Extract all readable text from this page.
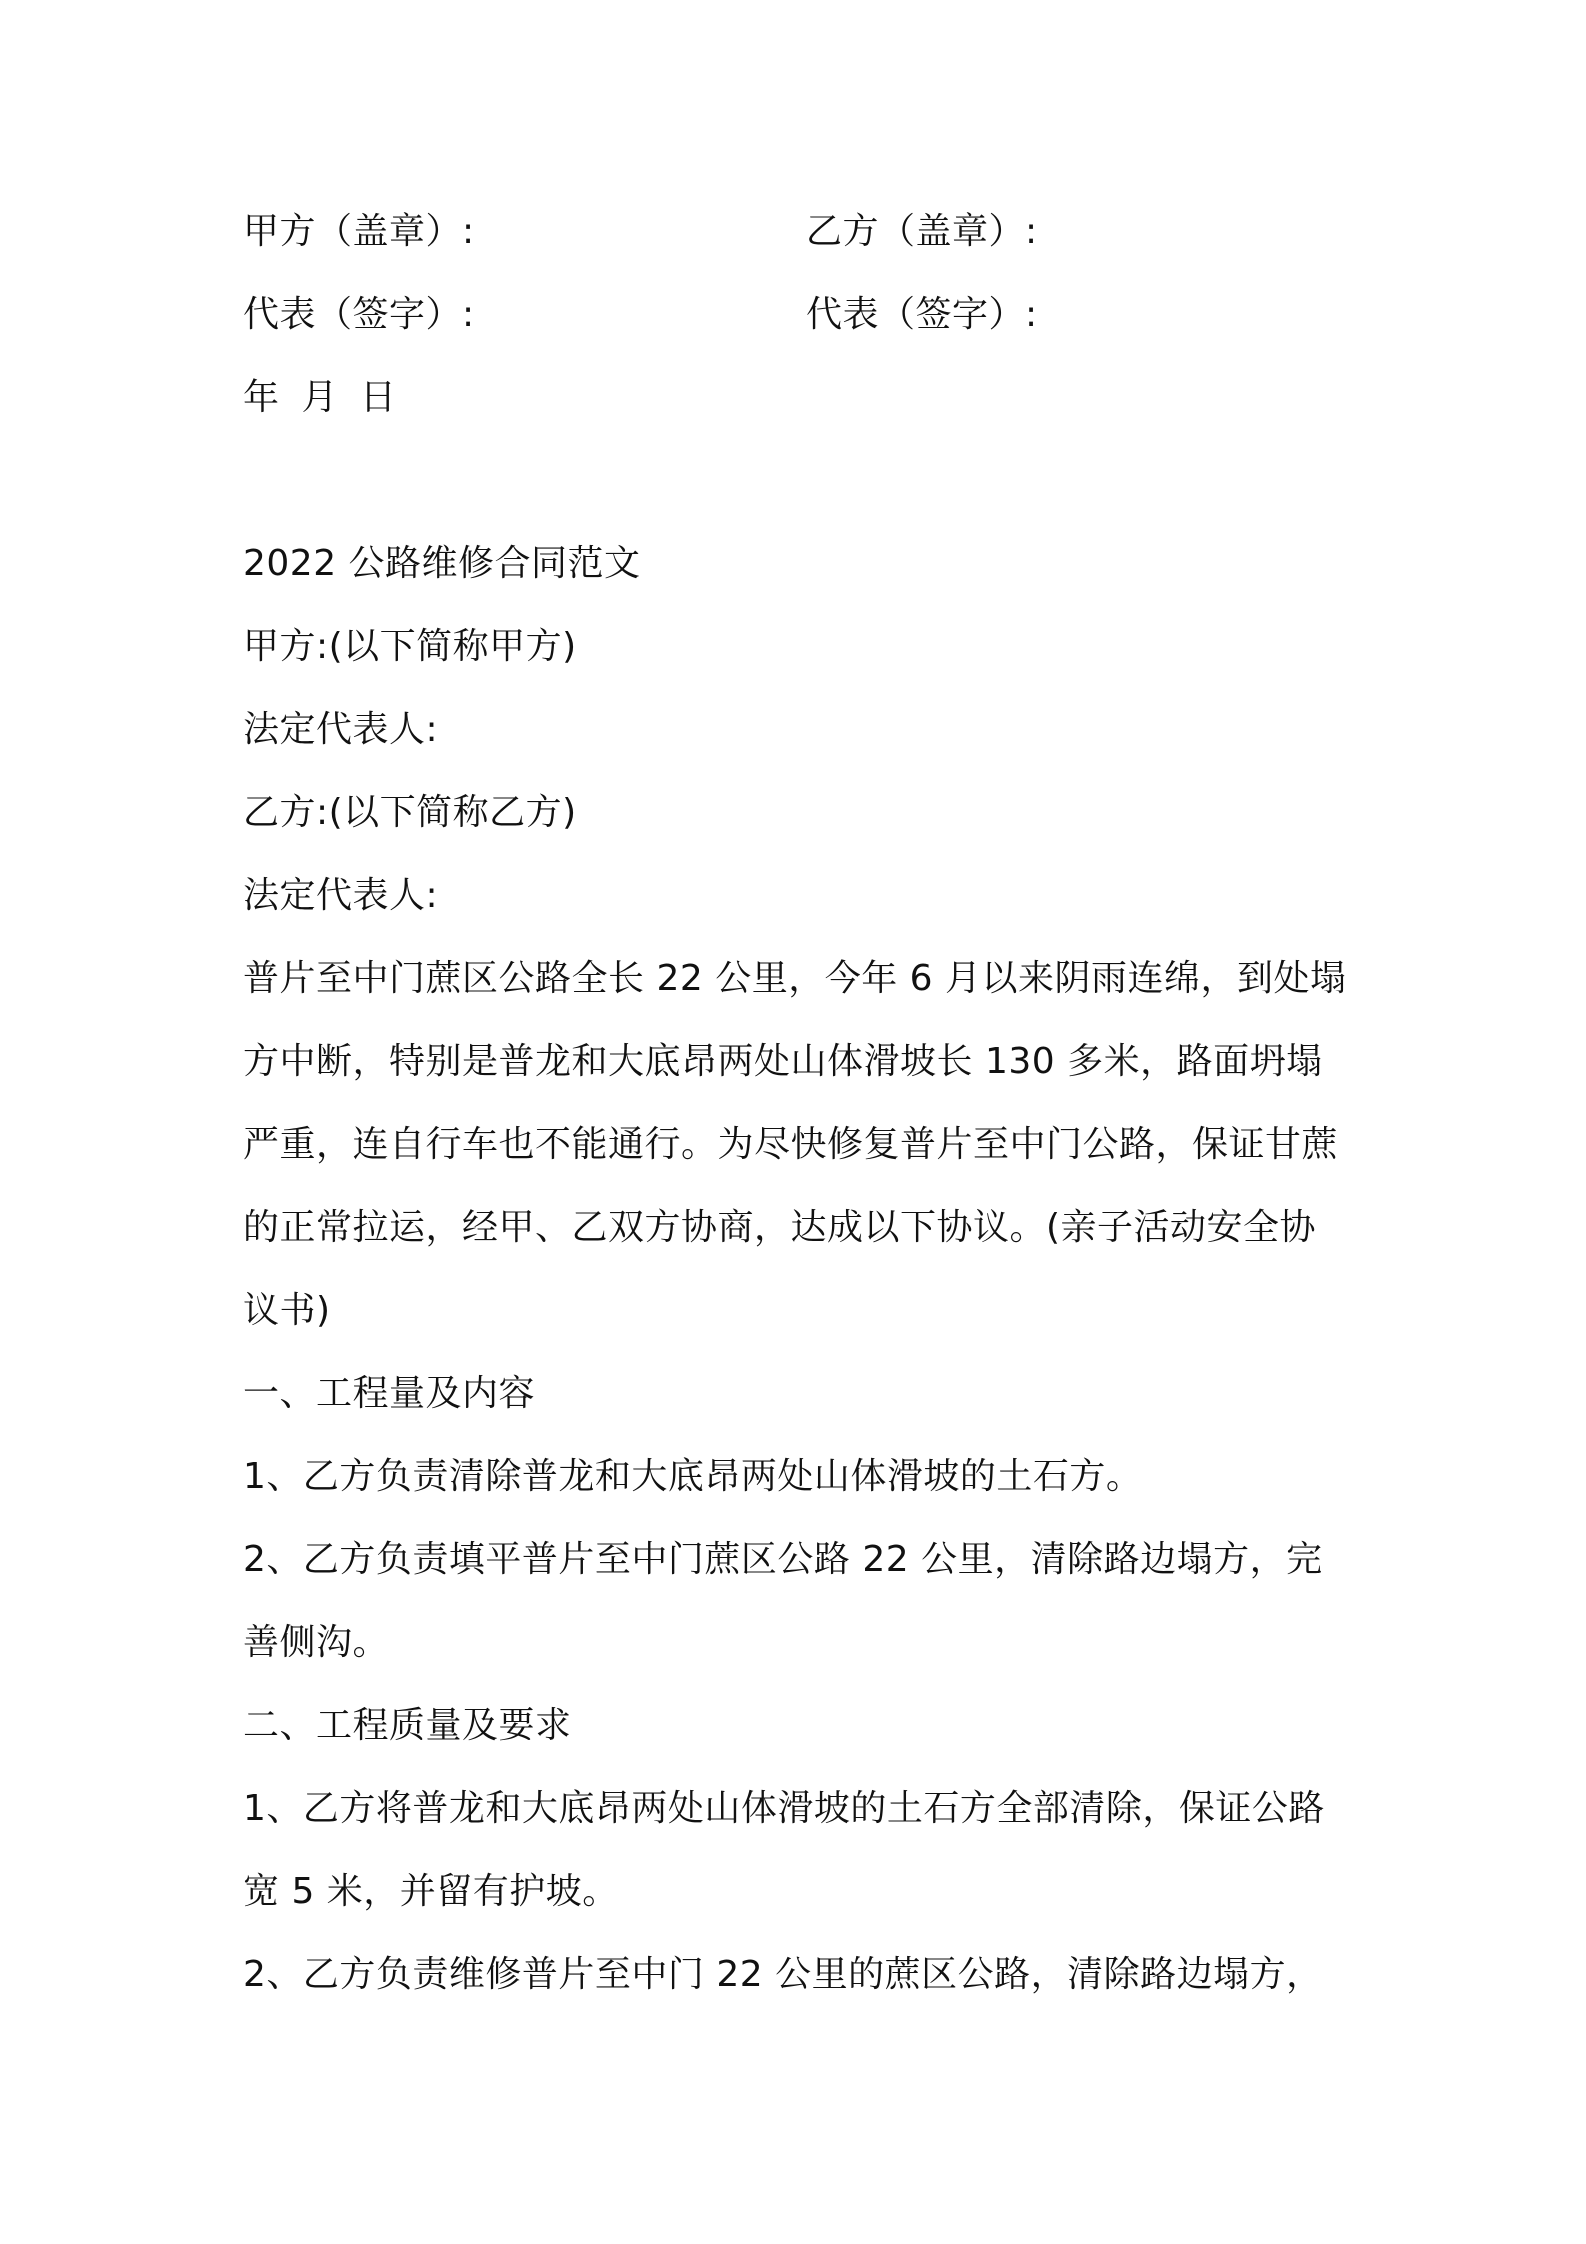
甲方（盖章）:	乙方（盖章）:
代表（签字）:	代表（签字）:
年 月 日
2022 公路维修合同范文
甲方:(以下简称甲方)
法定代表人:
乙方:(以下简称乙方)
法定代表人:
普片至中门蔗区公路全长 22 公里，今年 6 月以来阴雨连绵，到处塌
方中断，特别是普龙和大底昂两处山体滑坡长 130 多米，路面坍塌
严重，连自行车也不能通行。为尽快修复普片至中门公路，保证甘蔗
的正常拉运，经甲、乙双方协商，达成以下协议。(亲子活动安全协
议书)
一、工程量及内容
1、乙方负责清除普龙和大底昂两处山体滑坡的土石方。
2、乙方负责填平普片至中门蔗区公路 22 公里，清除路边塌方，完
善侧沟。
二、工程质量及要求
1、乙方将普龙和大底昂两处山体滑坡的土石方全部清除，保证公路
宽 5 米，并留有护坡。
2、乙方负责维修普片至中门 22 公里的蔗区公路，清除路边塌方，
